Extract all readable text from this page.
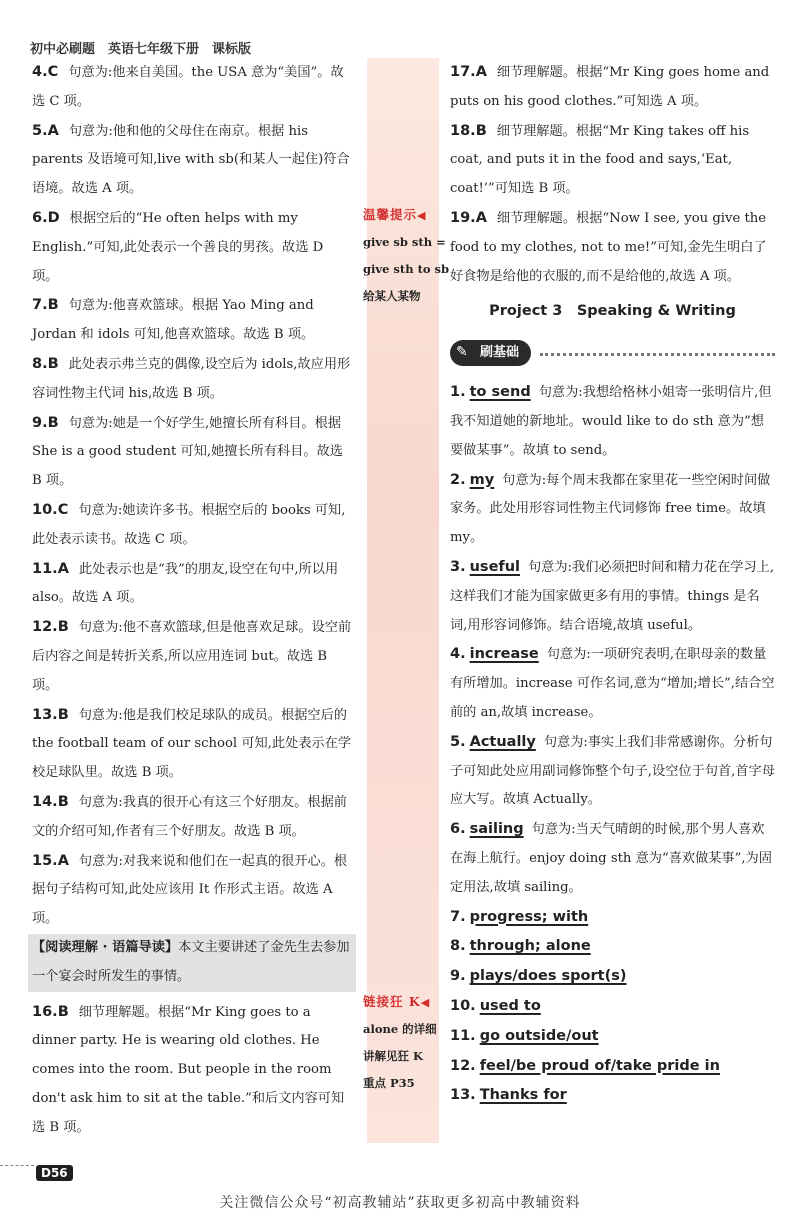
初中必刷题　英语七年级下册　课标版
温馨提示◀
give sb sth =
give sth to sb
给某人某物
链接狂 K◀
alone 的详细
讲解见狂 K
重点 P35

4.C 句意为:他来自美国。the USA 意为“美国”。故选 C 项。

5.A 句意为:他和他的父母住在南京。根据 his parents 及语境可知,live with sb(和某人一起住)符合语境。故选 A 项。

6.D 根据空后的“He often helps with my English.”可知,此处表示一个善良的男孩。故选 D 项。

7.B 句意为:他喜欢篮球。根据 Yao Ming and Jordan 和 idols 可知,他喜欢篮球。故选 B 项。

8.B 此处表示弗兰克的偶像,设空后为 idols,故应用形容词性物主代词 his,故选 B 项。

9.B 句意为:她是一个好学生,她擅长所有科目。根据 She is a good student 可知,她擅长所有科目。故选 B 项。

10.C 句意为:她读许多书。根据空后的 books 可知,此处表示读书。故选 C 项。

11.A 此处表示也是“我”的朋友,设空在句中,所以用 also。故选 A 项。

12.B 句意为:他不喜欢篮球,但是他喜欢足球。设空前后内容之间是转折关系,所以应用连词 but。故选 B 项。

13.B 句意为:他是我们校足球队的成员。根据空后的 the football team of our school 可知,此处表示在学校足球队里。故选 B 项。

14.B 句意为:我真的很开心有这三个好朋友。根据前文的介绍可知,作者有三个好朋友。故选 B 项。

15.A 句意为:对我来说和他们在一起真的很开心。根据句子结构可知,此处应该用 It 作形式主语。故选 A 项。

【阅读理解 · 语篇导读】本文主要讲述了金先生去参加一个宴会时所发生的事情。

16.B 细节理解题。根据“Mr King goes to a dinner party. He is wearing old clothes. He comes into the room. But people in the room don't ask him to sit at the table.”和后文内容可知选 B 项。

17.A 细节理解题。根据“Mr King goes home and puts on his good clothes.”可知选 A 项。

18.B 细节理解题。根据“Mr King takes off his coat, and puts it in the food and says,‘Eat, coat!’”可知选 B 项。

19.A 细节理解题。根据“Now I see, you give the food to my clothes, not to me!”可知,金先生明白了好食物是给他的衣服的,而不是给他的,故选 A 项。

Project 3　Speaking & Writing
✎ 刷基础

1. to send 句意为:我想给格林小姐寄一张明信片,但我不知道她的新地址。would like to do sth 意为“想要做某事”。故填 to send。

2. my 句意为:每个周末我都在家里花一些空闲时间做家务。此处用形容词性物主代词修饰 free time。故填 my。

3. useful 句意为:我们必须把时间和精力花在学习上,这样我们才能为国家做更多有用的事情。things 是名词,用形容词修饰。结合语境,故填 useful。

4. increase 句意为:一项研究表明,在职母亲的数量有所增加。increase 可作名词,意为“增加;增长”,结合空前的 an,故填 increase。

5. Actually 句意为:事实上我们非常感谢你。分析句子可知此处应用副词修饰整个句子,设空位于句首,首字母应大写。故填 Actually。

6. sailing 句意为:当天气晴朗的时候,那个男人喜欢在海上航行。enjoy doing sth 意为“喜欢做某事”,为固定用法,故填 sailing。

7. progress; with

8. through; alone

9. plays/does sport(s)

10. used to

11. go outside/out

12. feel/be proud of/take pride in

13. Thanks for

D56
关注微信公众号“初高教辅站”获取更多初高中教辅资料
